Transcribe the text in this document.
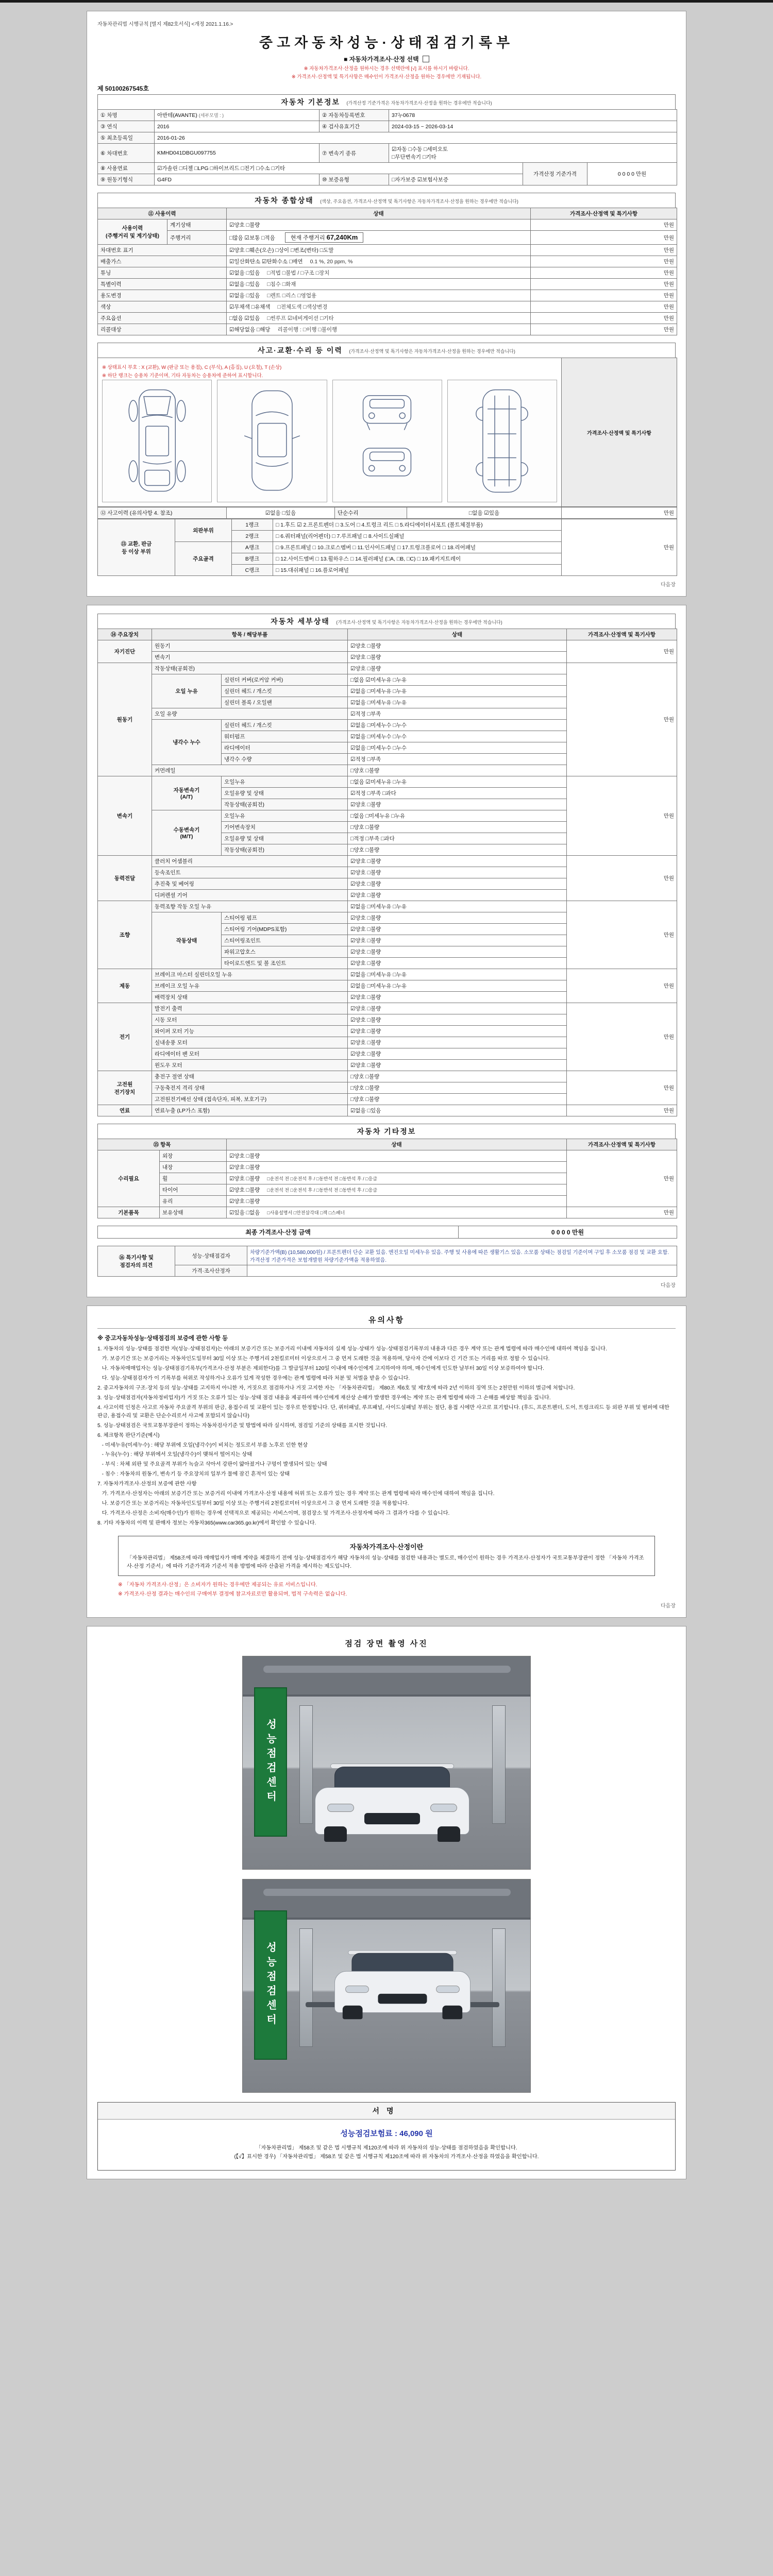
자동차관리법 시행규칙 [별지 제82호서식] <개정 2021.1.16.>
중고자동차성능·상태점검기록부
■ 자동차가격조사·산정 선택
※ 자동차가격조사·산정을 원하시는 경우 선택란에 [√] 표시를 하시기 바랍니다.
※ 가격조사·산정액 및 특기사항은 매수인이 가격조사·산정을 원하는 경우에만 기재됩니다.
제 50100267545호
자동차 기본정보 (가격산정 기준가격은 자동차가격조사·산정을 원하는 경우에만 적습니다)
① 차명	아반테(AVANTE) (세부모델 : )	② 자동차등록번호	37누0678		
③ 연식	2016	④ 검사유효기간	2024-03-15 ~ 2026-03-14		
⑤ 최초등록일	2016-01-26				
⑥ 차대번호	KMHD041DBGU097755	⑦ 변속기 종류	☑자동 □수동 □세미오토
□무단변속기 □기타		
⑧ 사용연료	☑가솔린 □디젤 □LPG □하이브리드 □전기 □수소 □기타			가격산정 기준가격	0 0 0 0 만원
⑨ 원동기형식	G4FD	⑩ 보증유형	□자가보증 ☑보험사보증		
자동차 종합상태 (색상, 주요옵션, 가격조사·산정액 및 특기사항은 자동차가격조사·산정을 원하는 경우에만 적습니다)
⑪ 사용이력		상태	가격조사·산정액 및 특기사항
사용이력
(주행거리 및 계기상태)	계기상태	☑양호 □불량	만원
	주행거리	□많음 ☑보통 □적음 현재 주행거리 67,240Km	만원
차대번호 표기		☑양호 □훼손(오손) □상이 □변조(변타) □도말	만원
배출가스		☑일산화탄소 ☑탄화수소 □매연 0.1 %, 20 ppm, %	만원
튜닝		☑없음 □있음 □적법 □불법 / □구조 □장치	만원
특별이력		☑없음 □있음 □침수 □화재	만원
용도변경		☑없음 □있음 □렌트 □리스 □영업용	만원
색상		☑무채색 □유채색 □전체도색 □색상변경	만원
주요옵션		□없음 ☑있음 □썬루프 ☑네비게이션 □기타	만원
리콜대상		☑해당없음 □해당 리콜이행 : □이행 □불이행	만원
사고·교환·수리 등 이력 (가격조사·산정액 및 특기사항은 자동차가격조사·산정을 원하는 경우에만 적습니다)
※ 상태표시 부호 : X (교환), W (판금 또는 용접), C (부식), A (흠집), U (요철), T (손상)
※ 하단 랭크는 승용차 기준이며, 기타 자동차는 승용차에 준하여 표시합니다.
	가격조사·산정액 및 특기사항
⑫ 사고이력 (유의사항 4. 참조)	☑없음 □있음	단순수리	□없음 ☑있음	만원
⑬ 교환, 판금
등 이상 부위	외판부위	1랭크	□ 1.후드 ☑ 2.프론트펜더 □ 3.도어 □ 4.트렁크 리드 □ 5.라디에이터서포트 (볼트체결부품)	만원
		2랭크	□ 6.쿼터패널(리어펜더) □ 7.루프패널 □ 8.사이드실패널	
	주요골격	A랭크	□ 9.프론트패널 □ 10.크로스멤버 □ 11.인사이드패널 □ 17.트렁크플로어 □ 18.리어패널	
		B랭크	□ 12.사이드멤버 □ 13.휠하우스 □ 14.필러패널 (□A, □B, □C) □ 19.패키지트레이	
		C랭크	□ 15.대쉬패널 □ 16.플로어패널	
다음장
자동차 세부상태 (가격조사·산정액 및 특기사항은 자동차가격조사·산정을 원하는 경우에만 적습니다)
⑭ 주요장치	항목 / 해당부품		상태	가격조사·산정액 및 특기사항
자기진단	원동기		☑양호 □불량	만원
	변속기		☑양호 □불량	
원동기	작동상태(공회전)		☑양호 □불량	만원
	오일 누유	실린더 커버(로커암 커버)	□없음 ☑미세누유 □누유	
		실린더 헤드 / 개스킷	☑없음 □미세누유 □누유	
		실린더 블록 / 오일팬	☑없음 □미세누유 □누유	
	오일 유량		☑적정 □부족	
	냉각수 누수	실린더 헤드 / 개스킷	☑없음 □미세누수 □누수	
		워터펌프	☑없음 □미세누수 □누수	
		라디에이터	☑없음 □미세누수 □누수	
		냉각수 수량	☑적정 □부족	
	커먼레일		□양호 □불량	
변속기	자동변속기
(A/T)	오일누유	□없음 ☑미세누유 □누유	만원
		오일유량 및 상태	☑적정 □부족 □과다	
		작동상태(공회전)	☑양호 □불량	
	수동변속기
(M/T)	오일누유	□없음 □미세누유 □누유	
		기어변속장치	□양호 □불량	
		오일유량 및 상태	□적정 □부족 □과다	
		작동상태(공회전)	□양호 □불량	
동력전달	클러치 어셈블리		☑양호 □불량	만원
	등속조인트		☑양호 □불량	
	추진축 및 베어링		☑양호 □불량	
	디퍼렌셜 기어		☑양호 □불량	
조향	동력조향 작동 오일 누유		☑없음 □미세누유 □누유	만원
	작동상태	스티어링 펌프	☑양호 □불량	
		스티어링 기어(MDPS포함)	☑양호 □불량	
		스티어링조인트	☑양호 □불량	
		파워고압호스	☑양호 □불량	
		타이로드엔드 및 볼 조인트	☑양호 □불량	
제동	브레이크 마스터 실린더오일 누유		☑없음 □미세누유 □누유	만원
	브레이크 오일 누유		☑없음 □미세누유 □누유	
	배력장치 상태		☑양호 □불량	
전기	발전기 출력		☑양호 □불량	만원
	시동 모터		☑양호 □불량	
	와이퍼 모터 기능		☑양호 □불량	
	실내송풍 모터		☑양호 □불량	
	라디에이터 팬 모터		☑양호 □불량	
	윈도우 모터		☑양호 □불량	
고전원
전기장치	충전구 절연 상태		□양호 □불량	만원
	구동축전지 격리 상태		□양호 □불량	
	고전원전기배선 상태 (접속단자, 피복, 보호기구)		□양호 □불량	
연료	연료누출 (LP가스 포함)		☑없음 □있음	만원
자동차 기타정보
⑮ 항목		상태	가격조사·산정액 및 특기사항
수리필요	외장	☑양호 □불량	만원
	내장	☑양호 □불량	
	휠	☑양호 □불량 □운전석 전 □운전석 후 / □동반석 전 □동반석 후 / □응급	
	타이어	☑양호 □불량 □운전석 전 □운전석 후 / □동반석 전 □동반석 후 / □응급	
	유리	☑양호 □불량	
기본품목	보유상태	☑있음 □없음 □사용설명서 □안전삼각대 □잭 □스패너	만원
최종 가격조사·산정 금액	0 0 0 0 만원
⑯ 특기사항 및
점검자의 의견	성능·상태점검자	차량기준가액(B) (10,580,000원) / 프론트펜더 단순 교환 있음. 엔진오일 미세누유 있음. 주행 및 사용에 따른 생활기스 있음. 소모품 상태는 점검일 기준이며 구입 후 소모품 점검 및 교환 요함. 가격산정 기준가격은 보험개발원 차량기준가액을 적용하였음.
	가격·조사산정자	
다음장
유의사항
※ 중고자동차성능·상태점검의 보증에 관한 사항 등
1. 자동차의 성능·상태를 점검한 자(성능·상태점검자)는 아래의 보증기간 또는 보증거리 이내에 자동차의 실제 성능·상태가 성능·상태점검기록부의 내용과 다른 경우 계약 또는 관계 법령에 따라 매수인에 대하여 책임을 집니다.
가. 보증기간 또는 보증거리는 자동차인도일부터 30일 이상 또는 주행거리 2천킬로미터 이상으로서 그 중 먼저 도래한 것을 적용하며, 당사자 간에 이보다 긴 기간 또는 거리를 따로 정할 수 있습니다.
나. 자동차매매업자는 성능·상태점검기록부(가격조사·산정 부분은 제외한다)를 그 발급일부터 120일 이내에 매수인에게 고지하여야 하며, 매수인에게 인도한 날부터 30일 이상 보증하여야 합니다.
다. 성능·상태점검자가 이 기록부를 허위로 작성하거나 오류가 있게 작성한 경우에는 관계 법령에 따라 처분 및 처벌을 받을 수 있습니다.
2. 중고자동차의 구조·장치 등의 성능·상태를 고지하지 아니한 자, 거짓으로 점검하거나 거짓 고지한 자는 「자동차관리법」 제80조 제6호 및 제7호에 따라 2년 이하의 징역 또는 2천만원 이하의 벌금에 처합니다.
3. 성능·상태점검자(자동차정비업자)가 거짓 또는 오류가 있는 성능·상태 점검 내용을 제공하여 매수인에게 재산상 손해가 발생한 경우에는 계약 또는 관계 법령에 따라 그 손해를 배상할 책임을 집니다.
4. 사고이력 인정은 사고로 자동차 주요골격 부위의 판금, 용접수리 및 교환이 있는 경우로 한정합니다. 단, 쿼터패널, 루프패널, 사이드실패널 부위는 절단, 용접 시에만 사고로 표기합니다. (후드, 프론트펜더, 도어, 트렁크리드 등 외판 부위 및 범퍼에 대한 판금, 용접수리 및 교환은 단순수리로서 사고에 포함되지 않습니다)
5. 성능·상태점검은 국토교통부장관이 정하는 자동차검사기준 및 방법에 따라 실시하며, 점검일 기준의 상태를 표시한 것입니다.
6. 체크항목 판단기준(예시)
- 미세누유(미세누수) : 해당 부위에 오일(냉각수)이 비치는 정도로서 부품 노후로 인한 현상
- 누유(누수) : 해당 부위에서 오일(냉각수)이 맺혀서 떨어지는 상태
- 부식 : 차체 외판 및 주요골격 부위가 녹슬고 삭아서 강판이 얇아졌거나 구멍이 발생되어 있는 상태
- 침수 : 자동차의 원동기, 변속기 등 주요장치의 일부가 물에 잠긴 흔적이 있는 상태
7. 자동차가격조사·산정의 보증에 관한 사항
가. 가격조사·산정자는 아래의 보증기간 또는 보증거리 이내에 가격조사·산정 내용에 허위 또는 오류가 있는 경우 계약 또는 관계 법령에 따라 매수인에 대하여 책임을 집니다.
나. 보증기간 또는 보증거리는 자동차인도일부터 30일 이상 또는 주행거리 2천킬로미터 이상으로서 그 중 먼저 도래한 것을 적용합니다.
다. 가격조사·산정은 소비자(매수인)가 원하는 경우에 선택적으로 제공되는 서비스이며, 점검장소 및 가격조사·산정자에 따라 그 결과가 다를 수 있습니다.
8. 기타 자동차의 이력 및 판매자 정보는 자동차365(www.car365.go.kr)에서 확인할 수 있습니다.
자동차가격조사·산정이란
「자동차관리법」 제58조에 따라 매매업자가 매매 계약을 체결하기 전에 성능·상태점검자가 해당 자동차의 성능·상태를 점검한 내용과는 별도로, 매수인이 원하는 경우 가격조사·산정자가 국토교통부장관이 정한 「자동차 가격조사·산정 기준서」에 따라 기준가격과 기준서 적용 방법에 따라 산출된 가격을 제시하는 제도입니다.
※ 「자동차 가격조사·산정」은 소비자가 원하는 경우에만 제공되는 유료 서비스입니다.
※ 가격조사·산정 결과는 매수인의 구매여부 결정에 참고자료로만 활용되며, 법적 구속력은 없습니다.
다음장
점검 장면 촬영 사진
성능점검센터
성능점검센터
서명
성능점검보험료 : 46,090 원
「자동차관리법」 제58조 및 같은 법 시행규칙 제120조에 따라 위 자동차의 성능·상태를 점검하였음을 확인합니다.
(【√】표시한 경우) 「자동차관리법」 제58조 및 같은 법 시행규칙 제120조에 따라 위 자동차의 가격조사·산정을 하였음을 확인합니다.
